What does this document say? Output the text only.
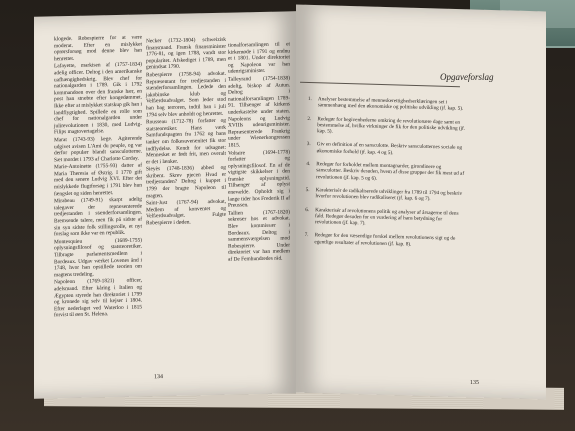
klogede. Robespierre for at være moderat. Efter en mislykket oprørsforsøg mod denne blev han henrettet.

Lafayette, markisen af (1757-1834) adelig officer. Deltog i den amerikanske uafhængighedskrig. Blev chef for nationalgarden i 1789. Gik i 1792 kommandoen over den franske hær, en post han stræbte efter kongedømmet. Ikke efter at mislykket statskup gik han i landflygtighed. Spillede en rolle som chef for nationalgarden under julirevolutionen i 1830, med Ludvig-Filips magtovertagelse.

Marat (1743-93) læge. Agiterende udgivet avisen L'Ami du peuple, og var derfor populær blandt sansculotterne. Sæt mordet i 1793 af Charlotte Corday.

Marie-Antoinette (1755-93) datter af Maria Theresia af Østrig. I 1770 gift med den senere Ludvig XVI. Efter det mislykkede flugtforsøg i 1791 blev hun fængslet og siden henrettet.

Mirabeau (1749-91) skarpt adelig talegaver der repræsenterede tredjestanden i stænderforsamlingen. Bremsende talere, men fik på sidste af sin syn sidste folk stillingsrolle, et nyt forslag som ikke var en republik.

Montesquieu (1689-1755) oplysningsfilosof og statsteoretiker. Tilbragte parlamentsmedlem i Bordeaux. Udgav værket Lovenes ånd i 1748, hvor han opstillede teorien om magtens tredeling.

Napoleon (1769-1821) officer, adelsmand. Efter kåring i Italien og Ægypten styrede han direktoriet i 1799 og kronede sig selv til kejser i 1804. Efter nederlaget ved Waterloo i 1815 forvist til øen St. Helena.

Necker (1732-1804) schweizisk finansmand. Fransk finansminister 1776-81, og igen 1788, vandt stor popularitet. Afskediget i 1789, men genindsat 1790.

Robespierre (1758-94) advokat. Repræsentant for tredjestanden i stænderforsamlingen. Ledede den jakobinske klub og Velfærdsudvalget. Som leder stod han bag terroren, indtil han i juli 1794 selv blev anholdt og henrettet.

Rousseau (1712-78) forfatter og statsteoretiker. Hans værk Samfundspagten fra 1762 og hans tanker om folkesuverænitet fik stor indflydelse. Kendt for udsagnet: Mennesket er født frit, men overalt er det i lænker.

Sieyès (1748-1836) abbed og skribent. Skrev pjecen Hvad er tredjestanden? Deltog i kuppet i 1799 der bragte Napoleon til magten.

Saint-Just (1767-94) advokat, Medlem af konventet og Velfærdsudvalget. Fulgte Robespierre i døden.

tionalforsamlingen til et kirkemøde i 1791 og endnu et i 1801. Under direktoriet og Napoleon var han udenrigsminister.

Talleyrand (1754-1838) adelig, biskop af Autun. Deltog i nationalforsamlingen 1789-91. Tilhænger af kirkens underkastelse under staten. Napoleons og Ludvig XVIIIs udenrigsminister. Repræsenterede Frankrig under Wienerkongressen 1815.

Voltaire (1694-1778) forfatter og oplysningsfilosof. En af de vigtigste skikkelser i den franske oplysningstid. Tilhænger af oplyst enevælde. Opholdt sig i lange tider hos Frederik II af Preussen.

Tallien (1767-1820) sekretær hos et advokat. Blev kommissær i Bordeaux. Deltog i sammensværgelsen mod Robespierre. Under direktoriet var han medlem af De Femhundredes råd.

134
Opgaveforslag
1.	Analyser bestemmelse af menneskerettighedserklæringen set i sammenhæng med den økonomiske og politiske udvikling (jf. kap. 5).
2.	Redegør for begivenhederne omkring de revolutionære dage samt en bestemmelse af, hvilke virkninger de fik for den politiske udvikling (jf. kap. 5).
3.	Giv en definition af en sansculotte. Beskriv sansculotternes sociale og økonomiske forhold (jf. kap. 4 og 5).
4.	Redegør for forholdet mellem montagnarder, girondinere og sansculotter. Beskriv desuden, hvem af disse grupper der fik mest ud af revolutionen (jf. kap. 5 og 6).
5.	Karakterisér de radikaliserede udviklinger fra 1789 til 1794 og beskriv hvorfor revolutionen blev radikaliseret (jf. kap. 6 og 7).
6.	Karakterisér af revolutionens politik og analyser af årsagerne til dens fald. Redegør desuden for en vurdering af hans betydning for revolutionen (jf. kap. 7).
7.	Redegør for den væsentlige forskel mellem revolutionens sigt og de egentlige resultater af revolutionen (jf. kap. 8).
135
